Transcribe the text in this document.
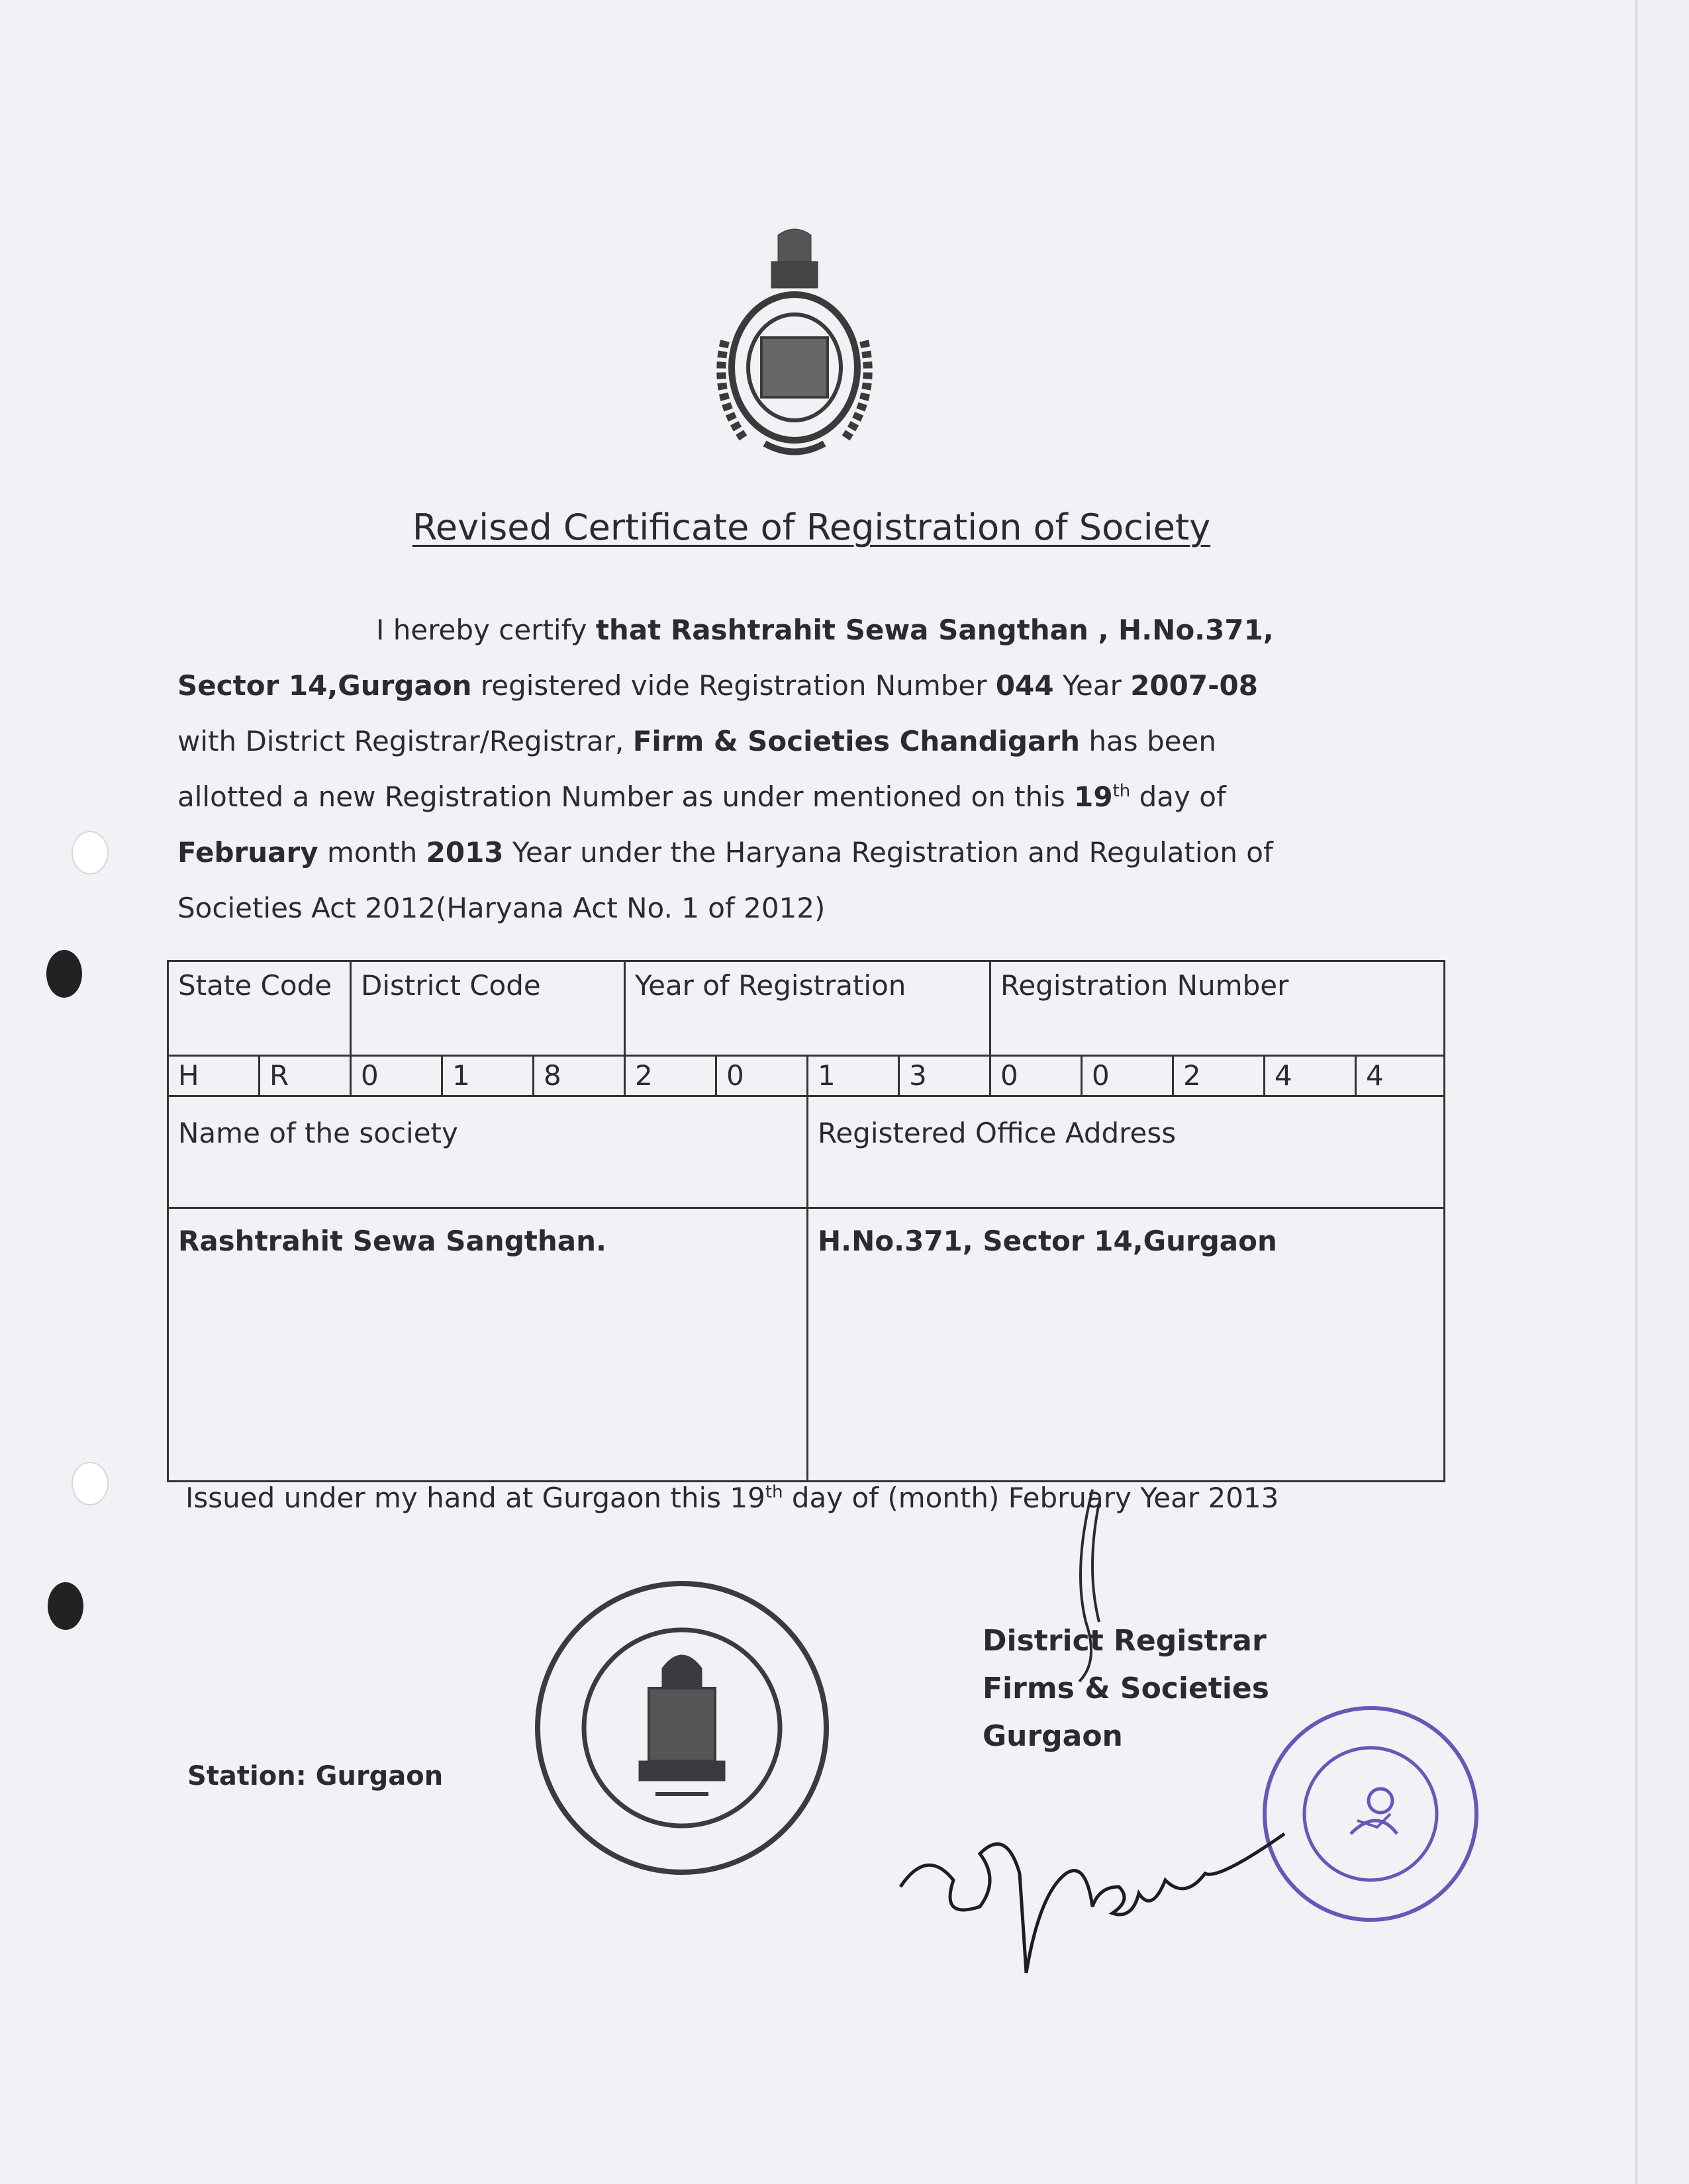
Revised Certificate of Registration of Society
I hereby certify that Rashtrahit Sewa Sangthan , H.No.371,
Sector 14,Gurgaon registered vide Registration Number 044 Year 2007-08
with District Registrar/Registrar, Firm & Societies Chandigarh has been
allotted a new Registration Number as under mentioned on this 19th day of
February month 2013 Year under the Haryana Registration and Regulation of
Societies Act 2012(Haryana Act No. 1 of 2012)
State Code		District Code			Year of Registration				Registration Number				
H	R	0	1	8	2	0	1	3	0	0	2	4	4
Name of the society							Registered Office Address						
Rashtrahit Sewa Sangthan.							H.No.371, Sector 14,Gurgaon						
Issued under my hand at Gurgaon this 19th day of (month) February Year 2013
District Registrar
Firms & Societies
Gurgaon
Station: Gurgaon
